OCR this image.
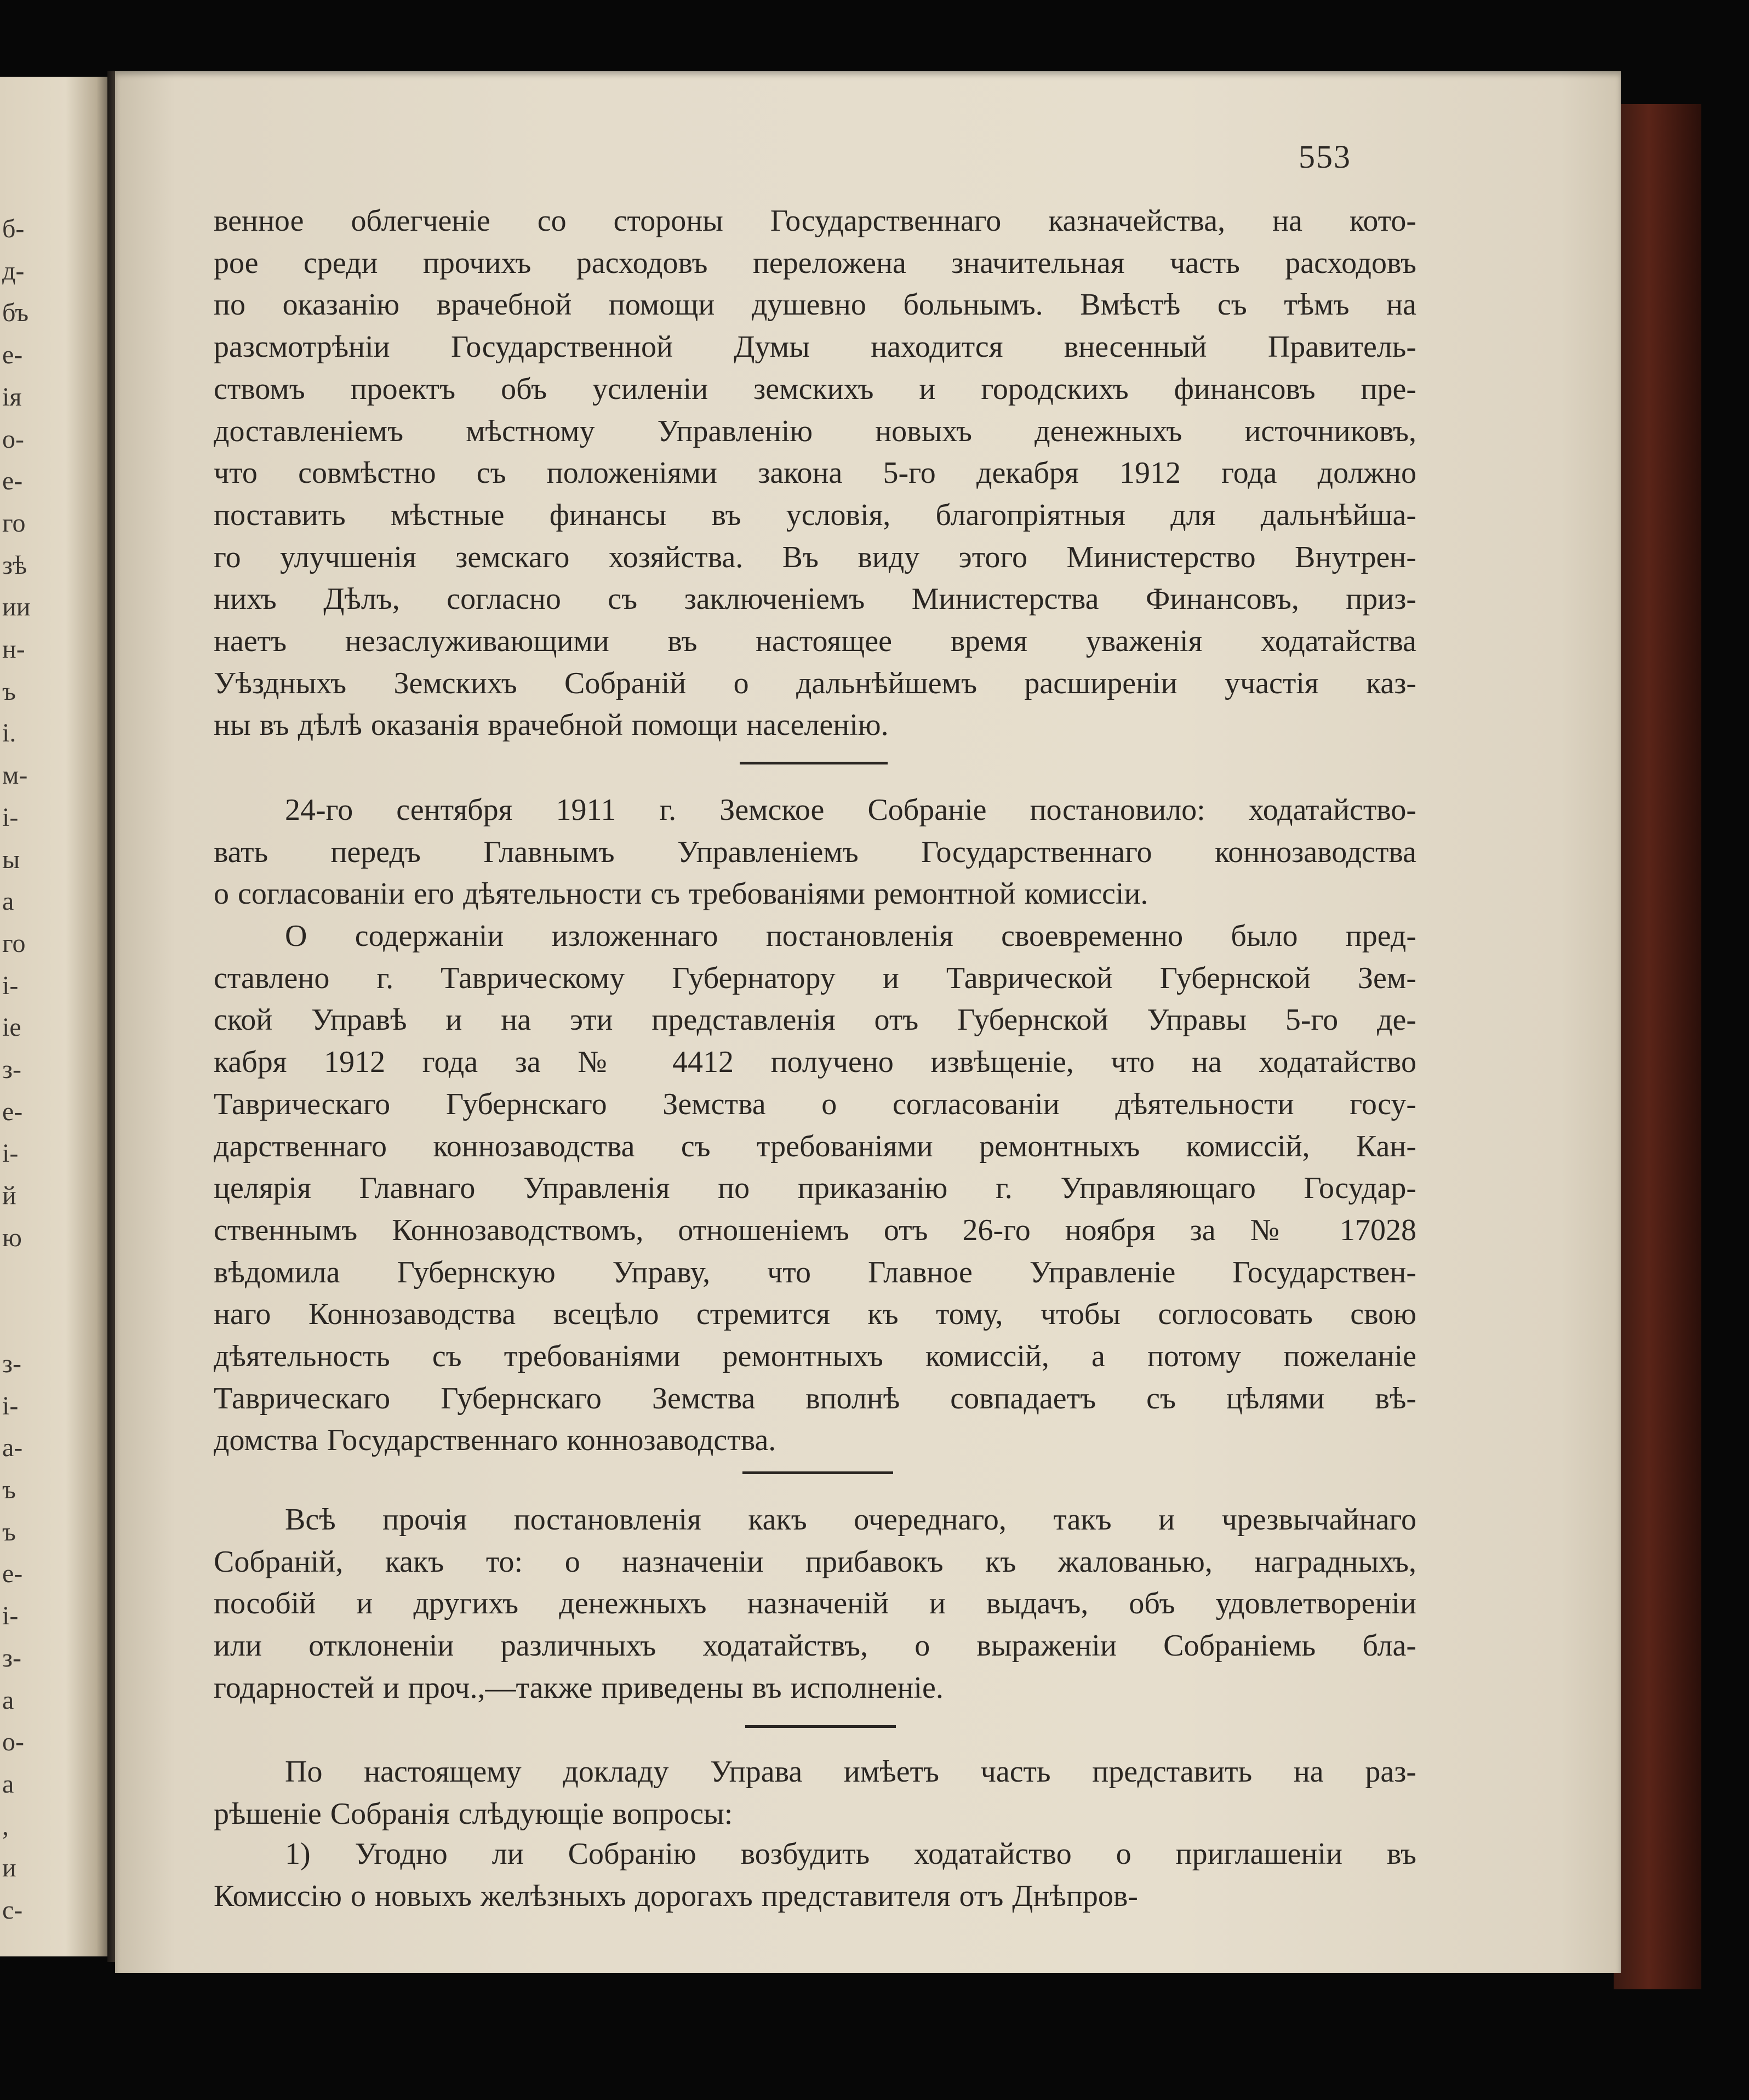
553
венное облегченіе со стороны Государственнаго казначейства, на кото-
рое среди прочихъ расходовъ переложена значительная часть расходовъ
по оказанію врачебной помощи душевно больнымъ. Вмѣстѣ съ тѣмъ на
разсмотрѣніи Государственной Думы находится внесенный Правитель-
ствомъ проектъ объ усиленіи земскихъ и городскихъ финансовъ пре-
доставленіемъ мѣстному Управленію новыхъ денежныхъ источниковъ,
что совмѣстно съ положеніями закона 5-го декабря 1912 года должно
поставить мѣстные финансы въ условія, благопріятныя для дальнѣйша-
го улучшенія земскаго хозяйства. Въ виду этого Министерство Внутрен-
нихъ Дѣлъ, согласно съ заключеніемъ Министерства Финансовъ, приз-
наетъ незаслуживающими въ настоящее время уваженія ходатайства
Уѣздныхъ Земскихъ Собраній о дальнѣйшемъ расширеніи участія каз-
ны въ дѣлѣ оказанія врачебной помощи населенію.
24-го сентября 1911 г. Земское Собраніе постановило: ходатайство-
вать передъ Главнымъ Управленіемъ Государственнаго коннозаводства
о согласованіи его дѣятельности съ требованіями ремонтной комиссіи.
О содержаніи изложеннаго постановленія своевременно было пред-
ставлено г. Таврическому Губернатору и Таврической Губернской Зем-
ской Управѣ и на эти представленія отъ Губернской Управы 5-го де-
кабря 1912 года за № 4412 получено извѣщеніе, что на ходатайство
Таврическаго Губернскаго Земства о согласованіи дѣятельности госу-
дарственнаго коннозаводства съ требованіями ремонтныхъ комиссій, Кан-
целярія Главнаго Управленія по приказанію г. Управляющаго Государ-
ственнымъ Коннозаводствомъ, отношеніемъ отъ 26-го ноября за № 17028
вѣдомила Губернскую Управу, что Главное Управленіе Государствен-
наго Коннозаводства всецѣло стремится къ тому, чтобы соглосовать свою
дѣятельность съ требованіями ремонтныхъ комиссій, а потому пожеланіе
Таврическаго Губернскаго Земства вполнѣ совпадаетъ съ цѣлями вѣ-
домства Государственнаго коннозаводства.
Всѣ прочія постановленія какъ очереднаго, такъ и чрезвычайнаго
Собраній, какъ то: о назначеніи прибавокъ къ жалованью, наградныхъ,
пособій и другихъ денежныхъ назначеній и выдачъ, объ удовлетвореніи
или отклоненіи различныхъ ходатайствъ, о выраженіи Собраніемь бла-
годарностей и проч.,—также приведены въ исполненіе.
По настоящему докладу Управа имѣетъ часть представить на раз-
рѣшеніе Собранія слѣдующіе вопросы:
1) Угодно ли Собранію возбудить ходатайство о приглашеніи въ
Комиссію о новыхъ желѣзныхъ дорогахъ представителя отъ Днѣпров-
б-
д-
бъ
е-
ія
о-
е-
го
зѣ
ии
н-
ъ
і.
м-
і-
ы
а
го
і-
іе
з-
е-
і-
й
ю
з-
і-
а-
ъ
ъ
е-
і-
з-
а
о-
а
,
и
с-
